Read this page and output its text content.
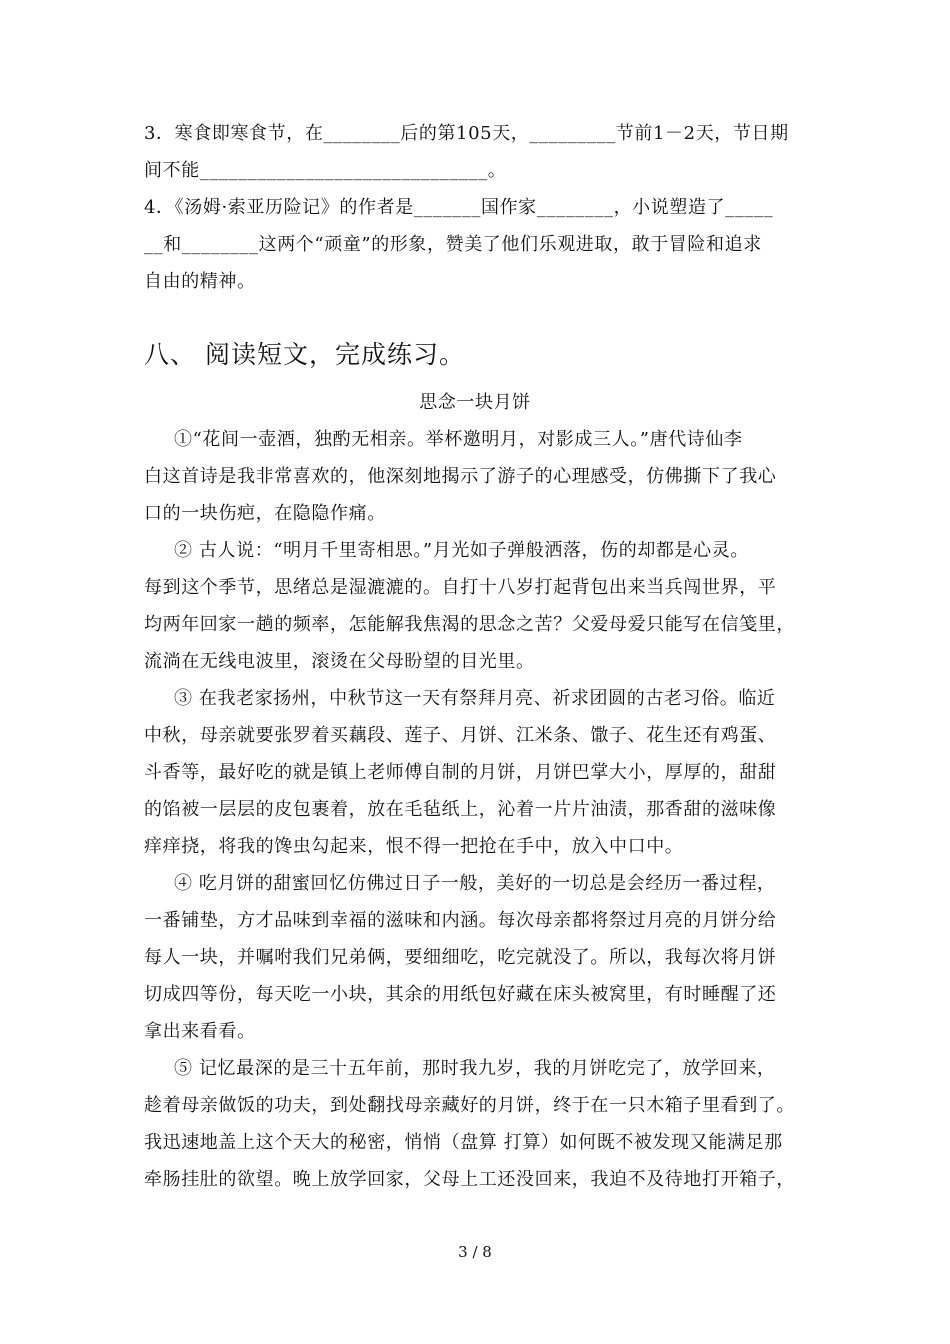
3．寒食即寒食节，在________后的第105天，_________节前1－2天，节日期
间不能______________________________。
4．《汤姆·索亚历险记》的作者是_______国作家________，小说塑造了_____
__和________这两个“顽童”的形象，赞美了他们乐观进取，敢于冒险和追求
自由的精神。
八、 阅读短文，完成练习。
思念一块月饼
①“花间一壶酒，独酌无相亲。举杯邀明月，对影成三人。”唐代诗仙李
白这首诗是我非常喜欢的，他深刻地揭示了游子的心理感受，仿佛撕下了我心
口的一块伤疤，在隐隐作痛。
② 古人说：“明月千里寄相思。”月光如子弹般洒落，伤的却都是心灵。
每到这个季节，思绪总是湿漉漉的。自打十八岁打起背包出来当兵闯世界，平
均两年回家一趟的频率，怎能解我焦渴的思念之苦？父爱母爱只能写在信笺里，
流淌在无线电波里，滚烫在父母盼望的目光里。
③ 在我老家扬州，中秋节这一天有祭拜月亮、祈求团圆的古老习俗。临近
中秋，母亲就要张罗着买藕段、莲子、月饼、江米条、馓子、花生还有鸡蛋、
斗香等，最好吃的就是镇上老师傅自制的月饼，月饼巴掌大小，厚厚的，甜甜
的馅被一层层的皮包裹着，放在毛毡纸上，沁着一片片油渍，那香甜的滋味像
痒痒挠，将我的馋虫勾起来，恨不得一把抢在手中，放入中口中。
④ 吃月饼的甜蜜回忆仿佛过日子一般，美好的一切总是会经历一番过程，
一番铺垫，方才品味到幸福的滋味和内涵。每次母亲都将祭过月亮的月饼分给
每人一块，并嘱咐我们兄弟俩，要细细吃，吃完就没了。所以，我每次将月饼
切成四等份，每天吃一小块，其余的用纸包好藏在床头被窝里，有时睡醒了还
拿出来看看。
⑤ 记忆最深的是三十五年前，那时我九岁，我的月饼吃完了，放学回来，
趁着母亲做饭的功夫，到处翻找母亲藏好的月饼，终于在一只木箱子里看到了。
我迅速地盖上这个天大的秘密，悄悄（盘算 打算）如何既不被发现又能满足那
牵肠挂肚的欲望。晚上放学回家，父母上工还没回来，我迫不及待地打开箱子，
3 / 8
